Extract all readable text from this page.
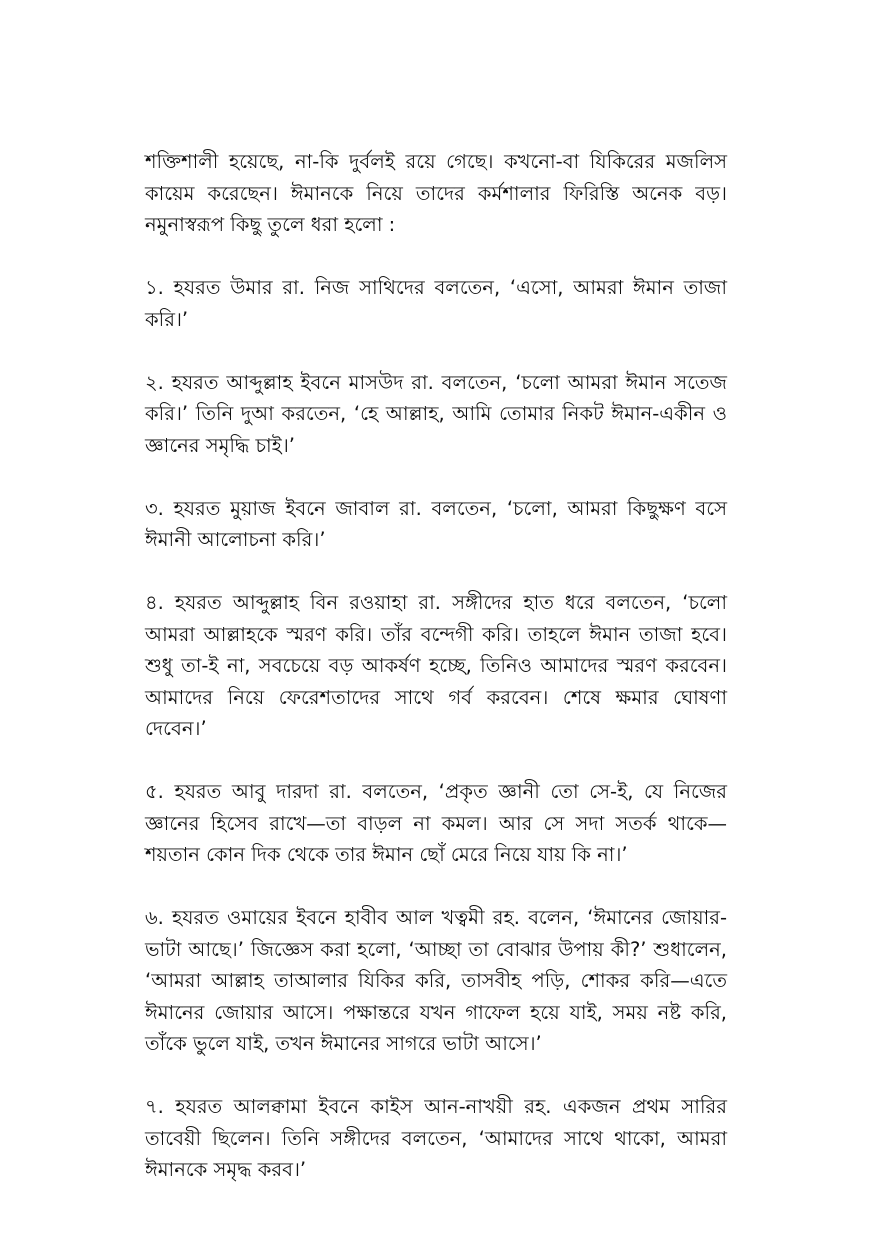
শক্তিশালী হয়েছে, না-কি দুর্বলই রয়ে গেছে। কখনো-বা যিকিরের মজলিস কায়েম করেছেন। ঈমানকে নিয়ে তাদের কর্মশালার ফিরিস্তি অনেক বড়। নমুনাস্বরূপ কিছু তুলে ধরা হলো :

১. হযরত উমার রা. নিজ সাথিদের বলতেন, ‘এসো, আমরা ঈমান তাজা করি।’

২. হযরত আব্দুল্লাহ ইবনে মাসউদ রা. বলতেন, ‘চলো আমরা ঈমান সতেজ করি।’ তিনি দুআ করতেন, ‘হে আল্লাহ, আমি তোমার নিকট ঈমান-একীন ও জ্ঞানের সমৃদ্ধি চাই।’

৩. হযরত মুয়াজ ইবনে জাবাল রা. বলতেন, ‘চলো, আমরা কিছুক্ষণ বসে ঈমানী আলোচনা করি।’

৪. হযরত আব্দুল্লাহ বিন রওয়াহা রা. সঙ্গীদের হাত ধরে বলতেন, ‘চলো আমরা আল্লাহকে স্মরণ করি। তাঁর বন্দেগী করি। তাহলে ঈমান তাজা হবে। শুধু তা-ই না, সবচেয়ে বড় আকর্ষণ হচ্ছে, তিনিও আমাদের স্মরণ করবেন। আমাদের নিয়ে ফেরেশতাদের সাথে গর্ব করবেন। শেষে ক্ষমার ঘোষণা দেবেন।’

৫. হযরত আবু দারদা রা. বলতেন, ‘প্রকৃত জ্ঞানী তো সে-ই, যে নিজের জ্ঞানের হিসেব রাখে—তা বাড়ল না কমল। আর সে সদা সতর্ক থাকে—শয়তান কোন দিক থেকে তার ঈমান ছোঁ মেরে নিয়ে যায় কি না।’

৬. হযরত ওমায়ের ইবনে হাবীব আল খত্বমী রহ. বলেন, ‘ঈমানের জোয়ার-ভাটা আছে।’ জিজ্ঞেস করা হলো, ‘আচ্ছা তা বোঝার উপায় কী?’ শুধালেন, ‘আমরা আল্লাহ তাআলার যিকির করি, তাসবীহ পড়ি, শোকর করি—এতে ঈমানের জোয়ার আসে। পক্ষান্তরে যখন গাফেল হয়ে যাই, সময় নষ্ট করি, তাঁকে ভুলে যাই, তখন ঈমানের সাগরে ভাটা আসে।’

৭. হযরত আলক্বামা ইবনে কাইস আন-নাখয়ী রহ. একজন প্রথম সারির তাবেয়ী ছিলেন। তিনি সঙ্গীদের বলতেন, ‘আমাদের সাথে থাকো, আমরা ঈমানকে সমৃদ্ধ করব।’
